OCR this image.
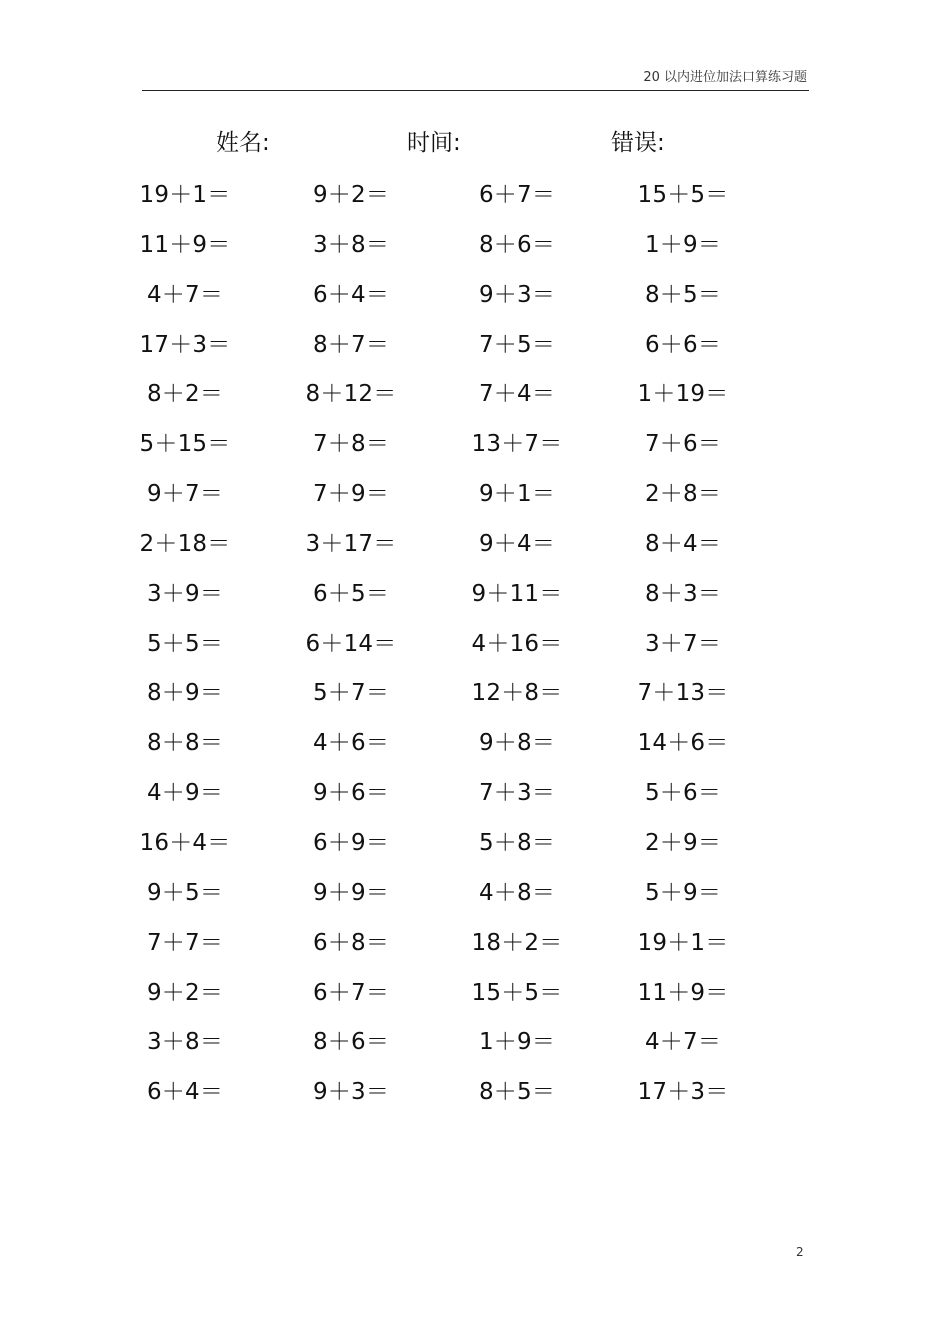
20 以内进位加法口算练习题
姓名:	时间:	错误:
19＋1＝	9＋2＝	6＋7＝	15＋5＝
11＋9＝	3＋8＝	8＋6＝	1＋9＝
4＋7＝	6＋4＝	9＋3＝	8＋5＝
17＋3＝	8＋7＝	7＋5＝	6＋6＝
8＋2＝	8＋12＝	7＋4＝	1＋19＝
5＋15＝	7＋8＝	13＋7＝	7＋6＝
9＋7＝	7＋9＝	9＋1＝	2＋8＝
2＋18＝	3＋17＝	9＋4＝	8＋4＝
3＋9＝	6＋5＝	9＋11＝	8＋3＝
5＋5＝	6＋14＝	4＋16＝	3＋7＝
8＋9＝	5＋7＝	12＋8＝	7＋13＝
8＋8＝	4＋6＝	9＋8＝	14＋6＝
4＋9＝	9＋6＝	7＋3＝	5＋6＝
16＋4＝	6＋9＝	5＋8＝	2＋9＝
9＋5＝	9＋9＝	4＋8＝	5＋9＝
7＋7＝	6＋8＝	18＋2＝	19＋1＝
9＋2＝	6＋7＝	15＋5＝	11＋9＝
3＋8＝	8＋6＝	1＋9＝	4＋7＝
6＋4＝	9＋3＝	8＋5＝	17＋3＝
2
